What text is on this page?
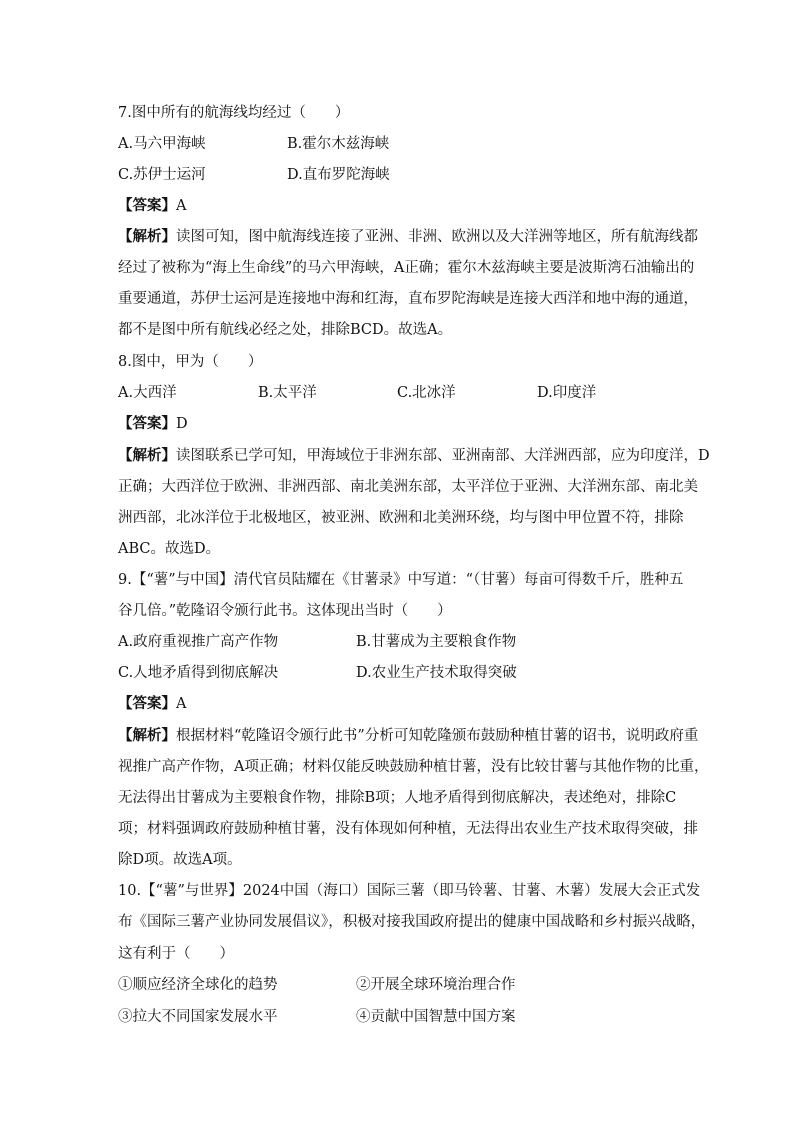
7.图中所有的航海线均经过（　　）
A.马六甲海峡	B.霍尔木兹海峡
C.苏伊士运河	D.直布罗陀海峡
【答案】A
【解析】读图可知，图中航海线连接了亚洲、非洲、欧洲以及大洋洲等地区，所有航海线都
经过了被称为“海上生命线”的马六甲海峡，A正确；霍尔木兹海峡主要是波斯湾石油输出的
重要通道，苏伊士运河是连接地中海和红海，直布罗陀海峡是连接大西洋和地中海的通道，
都不是图中所有航线必经之处，排除BCD。故选A。
8.图中，甲为（　　）
A.大西洋	B.太平洋	C.北冰洋	D.印度洋
【答案】D
【解析】读图联系已学可知，甲海域位于非洲东部、亚洲南部、大洋洲西部，应为印度洋，D
正确；大西洋位于欧洲、非洲西部、南北美洲东部，太平洋位于亚洲、大洋洲东部、南北美
洲西部，北冰洋位于北极地区，被亚洲、欧洲和北美洲环绕，均与图中甲位置不符，排除
ABC。故选D。
9.【“薯”与中国】清代官员陆耀在《甘薯录》中写道：“（甘薯）每亩可得数千斤，胜种五
谷几倍。”乾隆诏令颁行此书。这体现出当时（　　）
A.政府重视推广高产作物	B.甘薯成为主要粮食作物
C.人地矛盾得到彻底解决	D.农业生产技术取得突破
【答案】A
【解析】根据材料“乾隆诏令颁行此书”分析可知乾隆颁布鼓励种植甘薯的诏书，说明政府重
视推广高产作物，A项正确；材料仅能反映鼓励种植甘薯，没有比较甘薯与其他作物的比重，
无法得出甘薯成为主要粮食作物，排除B项；人地矛盾得到彻底解决，表述绝对，排除C
项；材料强调政府鼓励种植甘薯，没有体现如何种植，无法得出农业生产技术取得突破，排
除D项。故选A项。
10.【“薯”与世界】2024中国（海口）国际三薯（即马铃薯、甘薯、木薯）发展大会正式发
布《国际三薯产业协同发展倡议》，积极对接我国政府提出的健康中国战略和乡村振兴战略，
这有利于（　　）
①顺应经济全球化的趋势	②开展全球环境治理合作
③拉大不同国家发展水平	④贡献中国智慧中国方案
